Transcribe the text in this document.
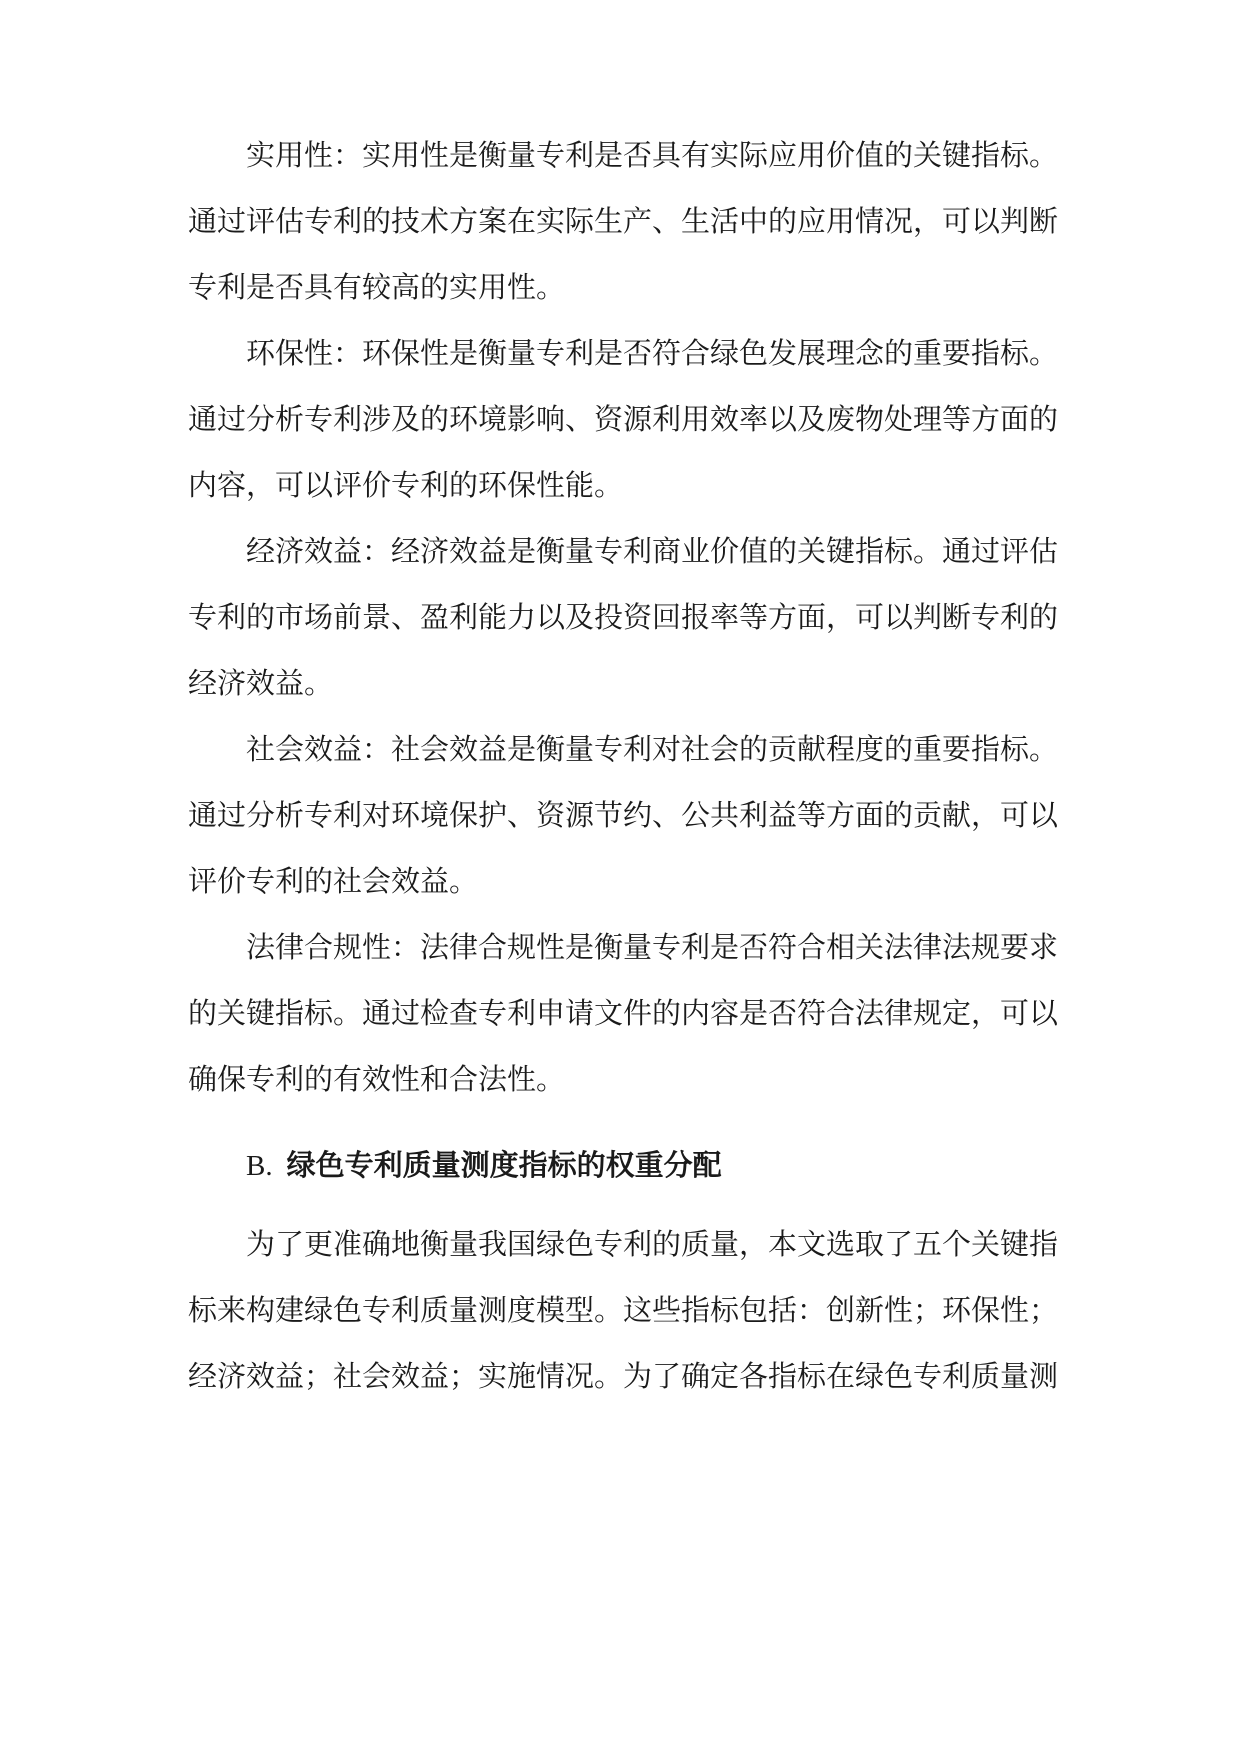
实用性：实用性是衡量专利是否具有实际应用价值的关键指标。

通过评估专利的技术方案在实际生产、生活中的应用情况，可以判断

专利是否具有较高的实用性。

环保性：环保性是衡量专利是否符合绿色发展理念的重要指标。

通过分析专利涉及的环境影响、资源利用效率以及废物处理等方面的

内容，可以评价专利的环保性能。

经济效益：经济效益是衡量专利商业价值的关键指标。通过评估

专利的市场前景、盈利能力以及投资回报率等方面，可以判断专利的

经济效益。

社会效益：社会效益是衡量专利对社会的贡献程度的重要指标。

通过分析专利对环境保护、资源节约、公共利益等方面的贡献，可以

评价专利的社会效益。

法律合规性：法律合规性是衡量专利是否符合相关法律法规要求

的关键指标。通过检查专利申请文件的内容是否符合法律规定，可以

确保专利的有效性和合法性。

B. 绿色专利质量测度指标的权重分配

为了更准确地衡量我国绿色专利的质量，本文选取了五个关键指

标来构建绿色专利质量测度模型。这些指标包括：创新性；环保性；

经济效益；社会效益；实施情况。为了确定各指标在绿色专利质量测
